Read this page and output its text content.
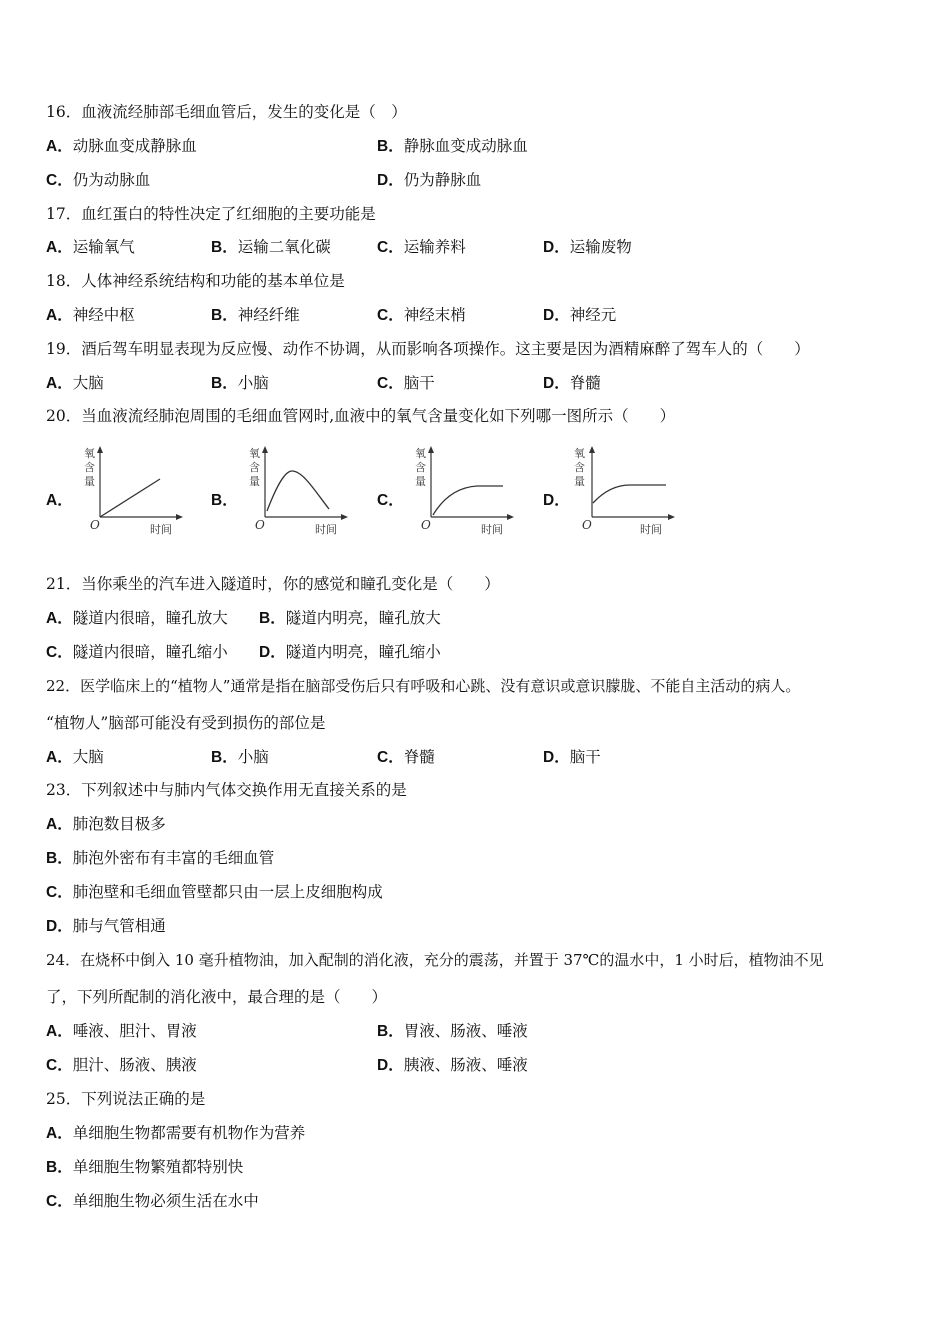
16．血液流经肺部毛细血管后，发生的变化是（　）
A．动脉血变成静脉血	B．静脉血变成动脉血
C．仍为动脉血	D．仍为静脉血
17．血红蛋白的特性决定了红细胞的主要功能是
A．运输氧气	B．运输二氧化碳	C．运输养料	D．运输废物
18．人体神经系统结构和功能的基本单位是
A．神经中枢	B．神经纤维	C．神经末梢	D．神经元
19．酒后驾车明显表现为反应慢、动作不协调，从而影响各项操作。这主要是因为酒精麻醉了驾车人的（　　）
A．大脑	B．小脑	C．脑干	D．脊髓
20．当血液流经肺泡周围的毛细血管网时,血液中的氧气含量变化如下列哪一图所示（　　）
A．
氧
含
量
O	时间
B．
氧
含
量
O	时间
C．
氧
含
量
O	时间
D．
氧
含
量
O	时间
21．当你乘坐的汽车进入隧道时，你的感觉和瞳孔变化是（　　）
A．隧道内很暗，瞳孔放大 B．隧道内明亮，瞳孔放大
C．隧道内很暗，瞳孔缩小 D．隧道内明亮，瞳孔缩小
22．医学临床上的“植物人”通常是指在脑部受伤后只有呼吸和心跳、没有意识或意识朦胧、不能自主活动的病人。
“植物人”脑部可能没有受到损伤的部位是
A．大脑	B．小脑	C．脊髓	D．脑干
23．下列叙述中与肺内气体交换作用无直接关系的是
A．肺泡数目极多
B．肺泡外密布有丰富的毛细血管
C．肺泡壁和毛细血管壁都只由一层上皮细胞构成
D．肺与气管相通
24．在烧杯中倒入 10 毫升植物油，加入配制的消化液，充分的震荡，并置于 37℃的温水中，1 小时后，植物油不见
了，下列所配制的消化液中，最合理的是（　　）
A．唾液、胆汁、胃液	B．胃液、肠液、唾液
C．胆汁、肠液、胰液	D．胰液、肠液、唾液
25．下列说法正确的是
A．单细胞生物都需要有机物作为营养
B．单细胞生物繁殖都特别快
C．单细胞生物必须生活在水中
